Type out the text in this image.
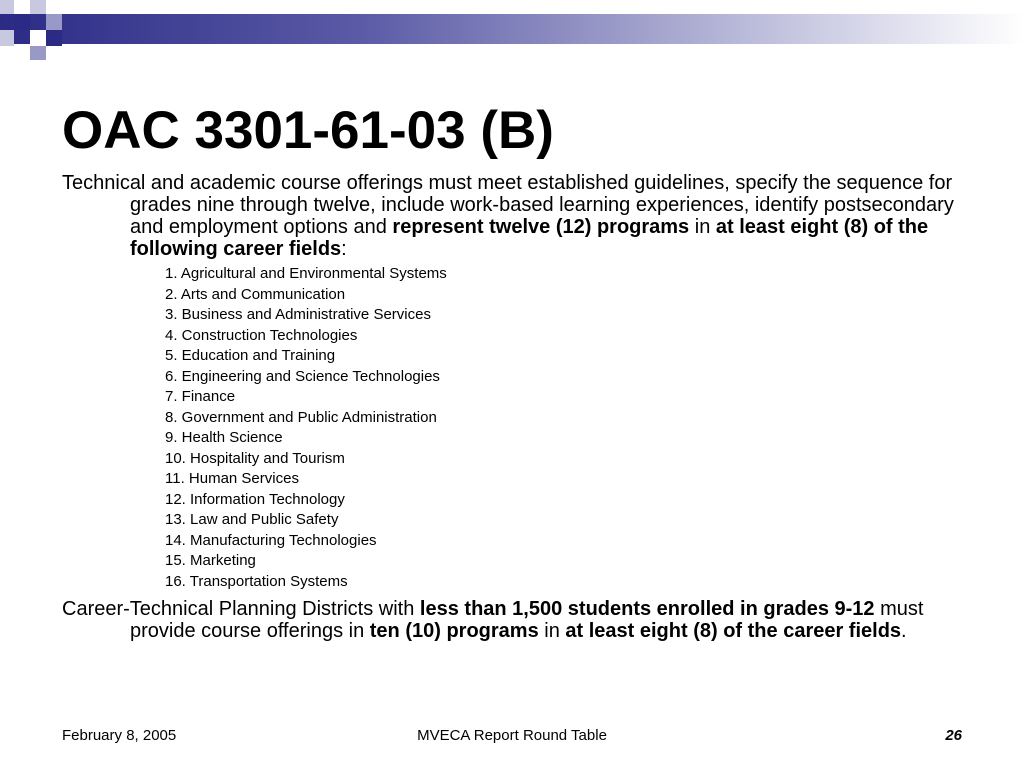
OAC 3301-61-03 (B)

Technical and academic course offerings must meet established guidelines, specify the sequence for grades nine through twelve, include work-based learning experiences, identify postsecondary and employment options and represent twelve (12) programs in at least eight (8) of the following career fields:

1. Agricultural and Environmental Systems
2. Arts and Communication
3. Business and Administrative Services
4. Construction Technologies
5. Education and Training
6. Engineering and Science Technologies
7. Finance
8. Government and Public Administration
9. Health Science
10. Hospitality and Tourism
11. Human Services
12. Information Technology
13. Law and Public Safety
14. Manufacturing Technologies
15. Marketing
16. Transportation Systems

Career-Technical Planning Districts with less than 1,500 students enrolled in grades 9-12 must provide course offerings in ten (10) programs in at least eight (8) of the career fields.

February 8, 2005	MVECA Report Round Table	26
